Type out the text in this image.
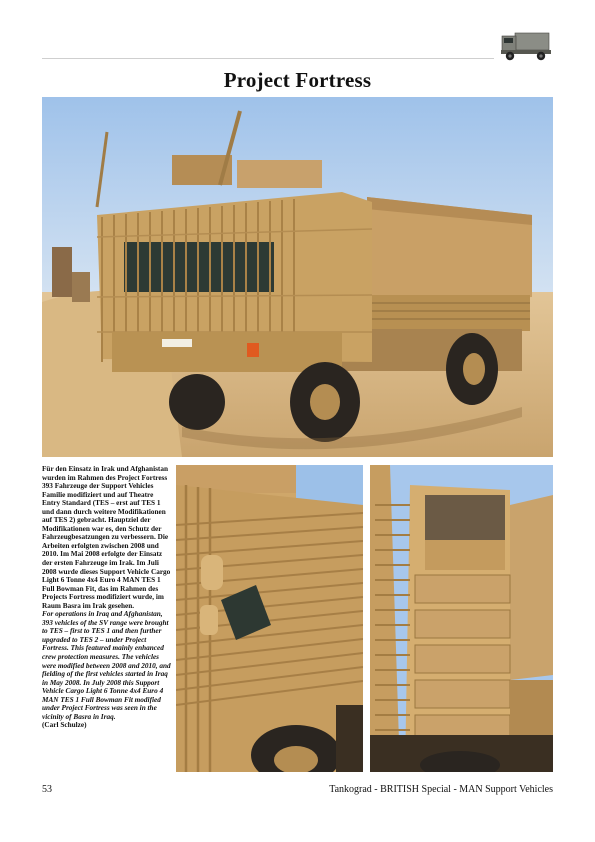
Project Fortress

Für den Einsatz in Irak und Afghanistan wurden im Rahmen des Project Fortress 393 Fahrzeuge der Support Vehicles Familie modifiziert und auf Theatre Entry Standard (TES – erst auf TES 1 und dann durch weitere Modifikationen auf TES 2) gebracht. Hauptziel der Modifikationen war es, den Schutz der Fahrzeugbesatzungen zu verbessern. Die Arbeiten erfolgten zwischen 2008 und 2010. Im Mai 2008 erfolgte der Einsatz der ersten Fahrzeuge im Irak. Im Juli 2008 wurde dieses Support Vehicle Cargo Light 6 Tonne 4x4 Euro 4 MAN TES 1 Full Bowman Fit, das im Rahmen des Projects Fortress modifiziert wurde, im Raum Basra im Irak gesehen.

For operations in Iraq and Afghanistan, 393 vehicles of the SV range were brought to TES – first to TES 1 and then further upgraded to TES 2 – under Project Fortress. This featured mainly enhanced crew protection measures. The vehicles were modified between 2008 and 2010, and fielding of the first vehicles started in Iraq in May 2008. In July 2008 this Support Vehicle Cargo Light 6 Tonne 4x4 Euro 4 MAN TES 1 Full Bowman Fit modified under Project Fortress was seen in the vicinity of Basra in Iraq.

(Carl Schulze)

53	Tankograd - BRITISH Special - MAN Support Vehicles
